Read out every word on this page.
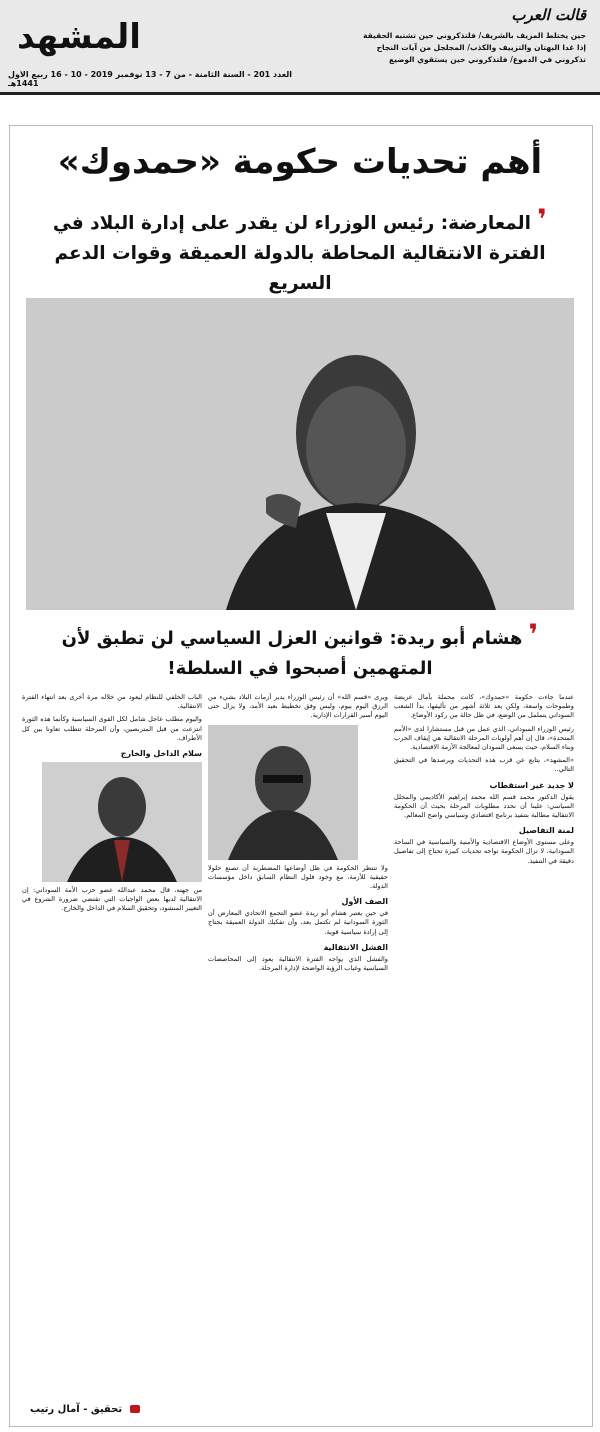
المشهد
العدد 201 - السنة الثامنة - من 7 - 13 نوفمبر 2019 - 10 - 16 ربيع الاول 1441هـ
قالت العرب
حين يختلط المزيف بالشريف/ فلتذكروني حين تشتبه الحقيقة
إذا غدا البهتان والتزييف والكذب/ المجلجل من آيات النجاح
تذكروني في الدموع/ فلتذكروني حين يستقوي الوضيع
أهم تحديات حكومة «حمدوك»
❜ المعارضة: رئيس الوزراء لن يقدر على إدارة البلاد في الفترة الانتقالية المحاطة بالدولة العميقة وقوات الدعم السريع
❜ هشام أبو ريدة: قوانين العزل السياسي لن تطبق لأن المتهمين أصبحوا في السلطة!

عندما جاءت حكومة «حمدوك»، كانت محملة بآمال عريضة وطموحات واسعة، ولكن بعد ثلاثة أشهر من تأليفها، بدأ الشعب السوداني يتململ من الوضع، في ظل حالة من ركود الأوضاع.

رئيس الوزراء السوداني، الذي عمل من قبل مستشارا لدى «الأمم المتحدة»، قال إن أهم أولويات المرحلة الانتقالية هي إيقاف الحرب وبناء السلام، حيث يسعى السودان لمعالجة الأزمة الاقتصادية.

«المشهد»، يتابع عن قرب هذه التحديات ويرصدها في التحقيق التالي..

لا جديد غير استقطاب

يقول الدكتور محمد قسم الله محمد إبراهيم الأكاديمي والمحلل السياسي: علينا أن نحدد مطلوبات المرحلة بحيث أن الحكومة الانتقالية مطالبة بتنفيذ برنامج اقتصادي وسياسي واضح المعالم.

لمنة التفاصيل

وعلى مستوى الأوضاع الاقتصادية والأمنية والسياسية في الساحة السودانية، لا تزال الحكومة تواجه تحديات كبيرة تحتاج إلى تفاصيل دقيقة في التنفيذ.

ويرى «قسم الله» أن رئيس الوزراء يدير أزمات البلاد بشيء من الرزق اليوم بيوم، وليس وفق تخطيط بعيد الأمد، ولا يزال حتى اليوم أسير القرارات الإدارية.

ولا تنتظر الحكومة في ظل أوضاعها المضطربة أن تصنع حلولا حقيقية للأزمة، مع وجود فلول النظام السابق داخل مؤسسات الدولة.

الصف الأول

في حين يعتبر هشام أبو ريدة عضو التجمع الاتحادي المعارض أن الثورة السودانية لم تكتمل بعد، وأن تفكيك الدولة العميقة يحتاج إلى إرادة سياسية قوية.

الفشل الانتقالية

والفشل الذي يواجه الفترة الانتقالية يعود إلى المحاصصات السياسية وغياب الرؤية الواضحة لإدارة المرحلة.

الباب الخلفي للنظام ليعود من خلاله مرة أخرى بعد انتهاء الفترة الانتقالية.

واليوم مطلب عاجل شامل لكل القوى السياسية وكأنما هذه الثورة انتزعت من قبل المتربصين، وأن المرحلة تتطلب تعاونا بين كل الأطراف.

سلام الداخل والخارج

من جهته، قال محمد عبدالله عضو حزب الأمة السوداني: إن الانتقالية لديها بعض الواجبات التي تقتضي ضرورة الشروع في التغيير المنشود، وتحقيق السلام في الداخل والخارج.

تحقيق - آمال رتيب
